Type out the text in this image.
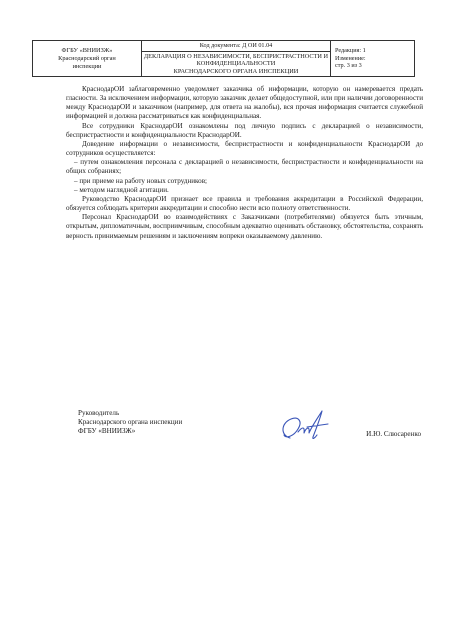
ФГБУ «ВНИИЗЖ»
Краснодарский орган
инспекции
Код документа: Д ОИ 01.04
ДЕКЛАРАЦИЯ О НЕЗАВИСИМОСТИ, БЕСПРИСТРАСТНОСТИ И
КОНФИДЕНЦИАЛЬНОСТИ
КРАСНОДАРСКОГО ОРГАНА ИНСПЕКЦИИ
Редакция: 1
Изменение:
стр. 3 из 3

КраснодарОИ заблаговременно уведомляет заказчика об информации, которую он намеревается предать гласности. За исключением информации, которую заказчик делает общедоступной, или при наличии договоренности между КраснодарОИ и заказчиком (например, для ответа на жалобы), вся прочая информация считается служебной информацией и должна рассматриваться как конфиденциальная.

Все сотрудники КраснодарОИ ознакомлены под личную подпись с декларацией о независимости, беспристрастности и конфиденциальности КраснодарОИ.

Доведение информации о независимости, беспристрастности и конфиденциальности КраснодарОИ до сотрудников осуществляется:

– путем ознакомления персонала с декларацией о независимости, беспристрастности и конфиденциальности на общих собраниях;

– при приеме на работу новых сотрудников;

– методом наглядной агитации.

Руководство КраснодарОИ признает все правила и требования аккредитации в Российской Федерации, обязуется соблюдать критерии аккредитации и способно нести всю полноту ответственности.

Персонал КраснодарОИ во взаимодействиях с Заказчиками (потребителями) обязуется быть этичным, открытым, дипломатичным, восприимчивым, способным адекватно оценивать обстановку, обстоятельства, сохранять верность принимаемым решениям и заключениям вопреки оказываемому давлению.

Руководитель
Краснодарского органа инспекции
ФГБУ «ВНИИЗЖ»	И.Ю. Слюсаренко
